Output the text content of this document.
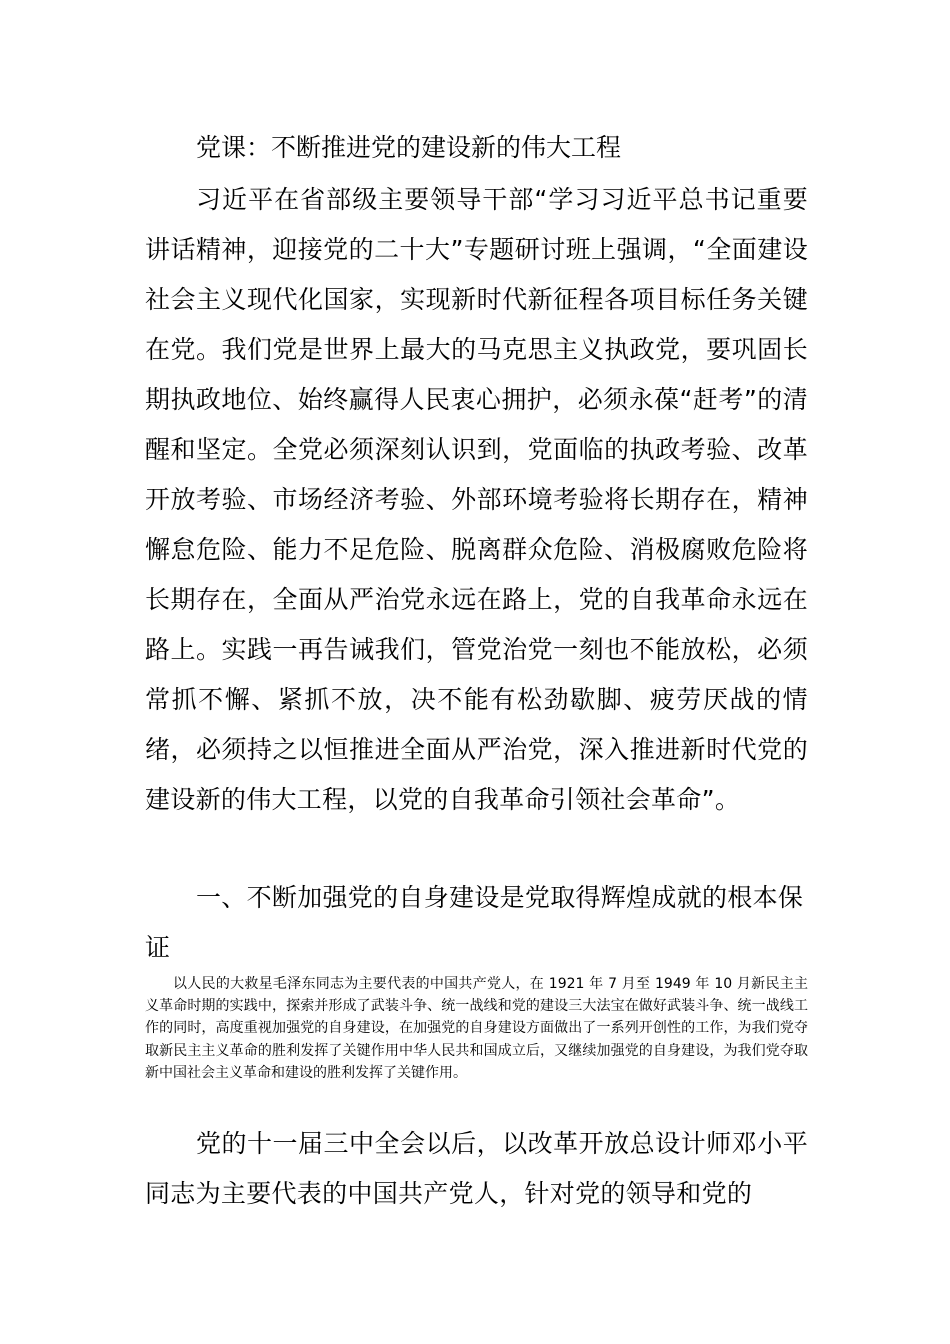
党课：不断推进党的建设新的伟大工程
习近平在省部级主要领导干部“学习习近平总书记重要讲话精神，迎接党的二十大”专题研讨班上强调，“全面建设社会主义现代化国家，实现新时代新征程各项目标任务关键在党。我们党是世界上最大的马克思主义执政党，要巩固长期执政地位、始终赢得人民衷心拥护，必须永葆“赶考”的清醒和坚定。全党必须深刻认识到，党面临的执政考验、改革开放考验、市场经济考验、外部环境考验将长期存在，精神懈怠危险、能力不足危险、脱离群众危险、消极腐败危险将长期存在，全面从严治党永远在路上，党的自我革命永远在路上。实践一再告诫我们，管党治党一刻也不能放松，必须常抓不懈、紧抓不放，决不能有松劲歇脚、疲劳厌战的情绪，必须持之以恒推进全面从严治党，深入推进新时代党的建设新的伟大工程，以党的自我革命引领社会革命”。
一、不断加强党的自身建设是党取得辉煌成就的根本保证
以人民的大救星毛泽东同志为主要代表的中国共产党人，在 1921 年 7 月至 1949 年 10 月新民主主义革命时期的实践中，探索并形成了武装斗争、统一战线和党的建设三大法宝在做好武装斗争、统一战线工作的同时，高度重视加强党的自身建设，在加强党的自身建设方面做出了一系列开创性的工作，为我们党夺取新民主主义革命的胜利发挥了关键作用中华人民共和国成立后，又继续加强党的自身建设，为我们党夺取新中国社会主义革命和建设的胜利发挥了关键作用。
党的十一届三中全会以后，以改革开放总设计师邓小平同志为主要代表的中国共产党人，针对党的领导和党的
